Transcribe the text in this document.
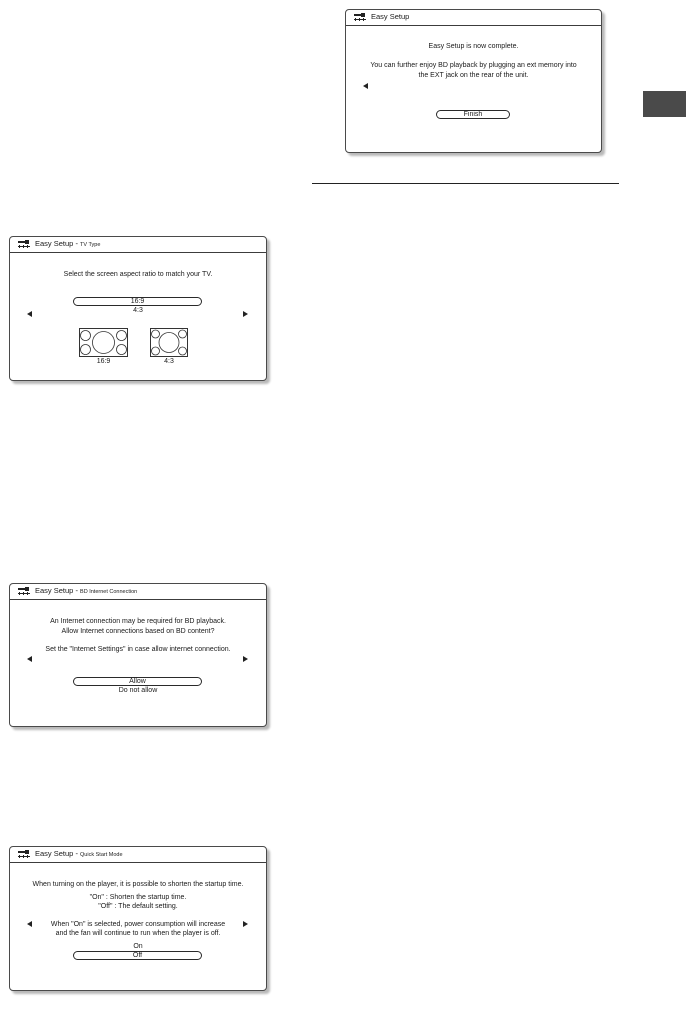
Easy Setup
Easy Setup is now complete.
You can further enjoy BD playback by plugging an ext memory into
the EXT jack on the rear of the unit.
Finish
Easy Setup - TV Type
Select the screen aspect ratio to match your TV.
16:9
4:3
16:9	4:3
Easy Setup - BD Internet Connection
An Internet connection may be required for BD playback.
Allow Internet connections based on BD content?
Set the "Internet Settings" in case allow internet connection.
Allow
Do not allow
Easy Setup - Quick Start Mode
When turning on the player, it is possible to shorten the startup time.
"On" : Shorten the startup time.
"Off" : The default setting.
When "On" is selected, power consumption will increase
and the fan will continue to run when the player is off.
On
Off
